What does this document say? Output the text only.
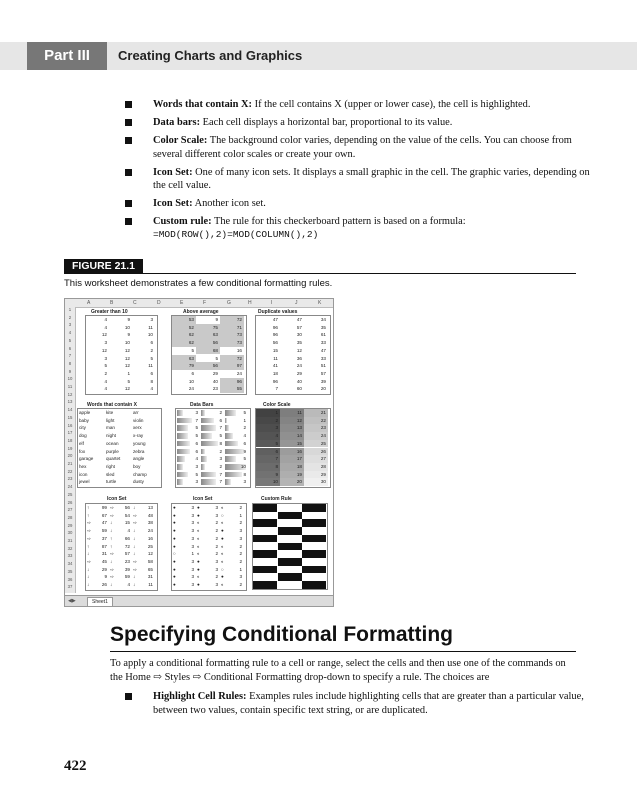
Part III	Creating Charts and Graphics
Words that contain X: If the cell contains X (upper or lower case), the cell is highlighted.
Data bars: Each cell displays a horizontal bar, proportional to its value.
Color Scale: The background color varies, depending on the value of the cells. You can choose from several different color scales or create your own.
Icon Set: One of many icon sets. It displays a small graphic in the cell. The graphic varies, depending on the cell value.
Icon Set: Another icon set.
Custom rule: The rule for this checkerboard pattern is based on a formula:
=MOD(ROW(),2)=MOD(COLUMN(),2)
FIGURE 21.1
This worksheet demonstrates a few conditional formatting rules.
A	B	C	D	E	F	G	H	I	J	K
1
2
3
4
5
6
7
8
9
10
11
12
13
14
15
16
17
18
19
20
21
22
23
24
25
26
27
28
29
30
31
32
33
34
35
36
37
Greater than 10	Above average	Duplicate values
Words that contain X	Data Bars	Color Scale
Icon Set	Icon Set	Custom Rule
4	9	3
4	10	11
12	9	10
3	10	6
12	12	2
3	12	5
5	12	11
2	1	6
4	5	8
4	12	4
53	9	72
52	75	71
62	63	73
62	56	73
5	68	16
63	5	72
79	56	97
6	29	24
10	40	96
24	23	55
47	47	34
96	57	35
96	30	61
56	35	33
15	12	47
11	36	33
41	24	51
18	29	57
96	40	39
7	60	20
apple	kite	arr
baby	light	violin
city	man	xerx
dog	night	x-ray
elf	ocean	young
fox	purple	zebra
garage	quartet	angle
hex	right	boy
icon	sled	champ
jewel	turtle	dusty
3	2	5
7	6	1
5	7	2
5	5	4
6	8	6
6	2	9
4	3	5
3	2	10
5	7	8
3	7	3
1	11	21
2	12	22
3	13	23
4	14	24
5	15	25
6	16	26
7	17	27
8	18	28
9	19	29
10	20	30
↑	99 ⇨	56 ↓	13
↑	67 ⇨	54 ⇨	48
⇨	47 ↓	15 ⇨	38
⇨	59 ↓	4 ↓	24
⇨	37 ↑	66 ↓	16
↑	87 ↑	72 ↓	25
↓	31 ⇨	57 ↓	12
⇨	45 ↓	23 ⇨	58
↓	29 ⇨	39 ⇨	65
↓	9 ⇨	59 ↓	31
↓	26 ↓	4 ↓	11
●	3 ●	3 ◐	2
●	3 ●	3 ○	1
●	3 ◐	2 ◐	2
●	3 ◐	2 ●	3
●	3 ◐	2 ●	3
●	3 ◐	2 ◐	2
○	1 ◐	2 ◐	2
●	3 ●	3 ◐	2
●	3 ●	3 ○	1
●	3 ◐	2 ●	3
●	3 ●	3 ◐	2
◀▶	Sheet1
Specifying Conditional Formatting
To apply a conditional formatting rule to a cell or range, select the cells and then use one of the commands on the Home ⇨ Styles ⇨ Conditional Formatting drop-down to specify a rule. The choices are
Highlight Cell Rules: Examples rules include highlighting cells that are greater than a particular value, between two values, contain specific text string, or are duplicated.
422
